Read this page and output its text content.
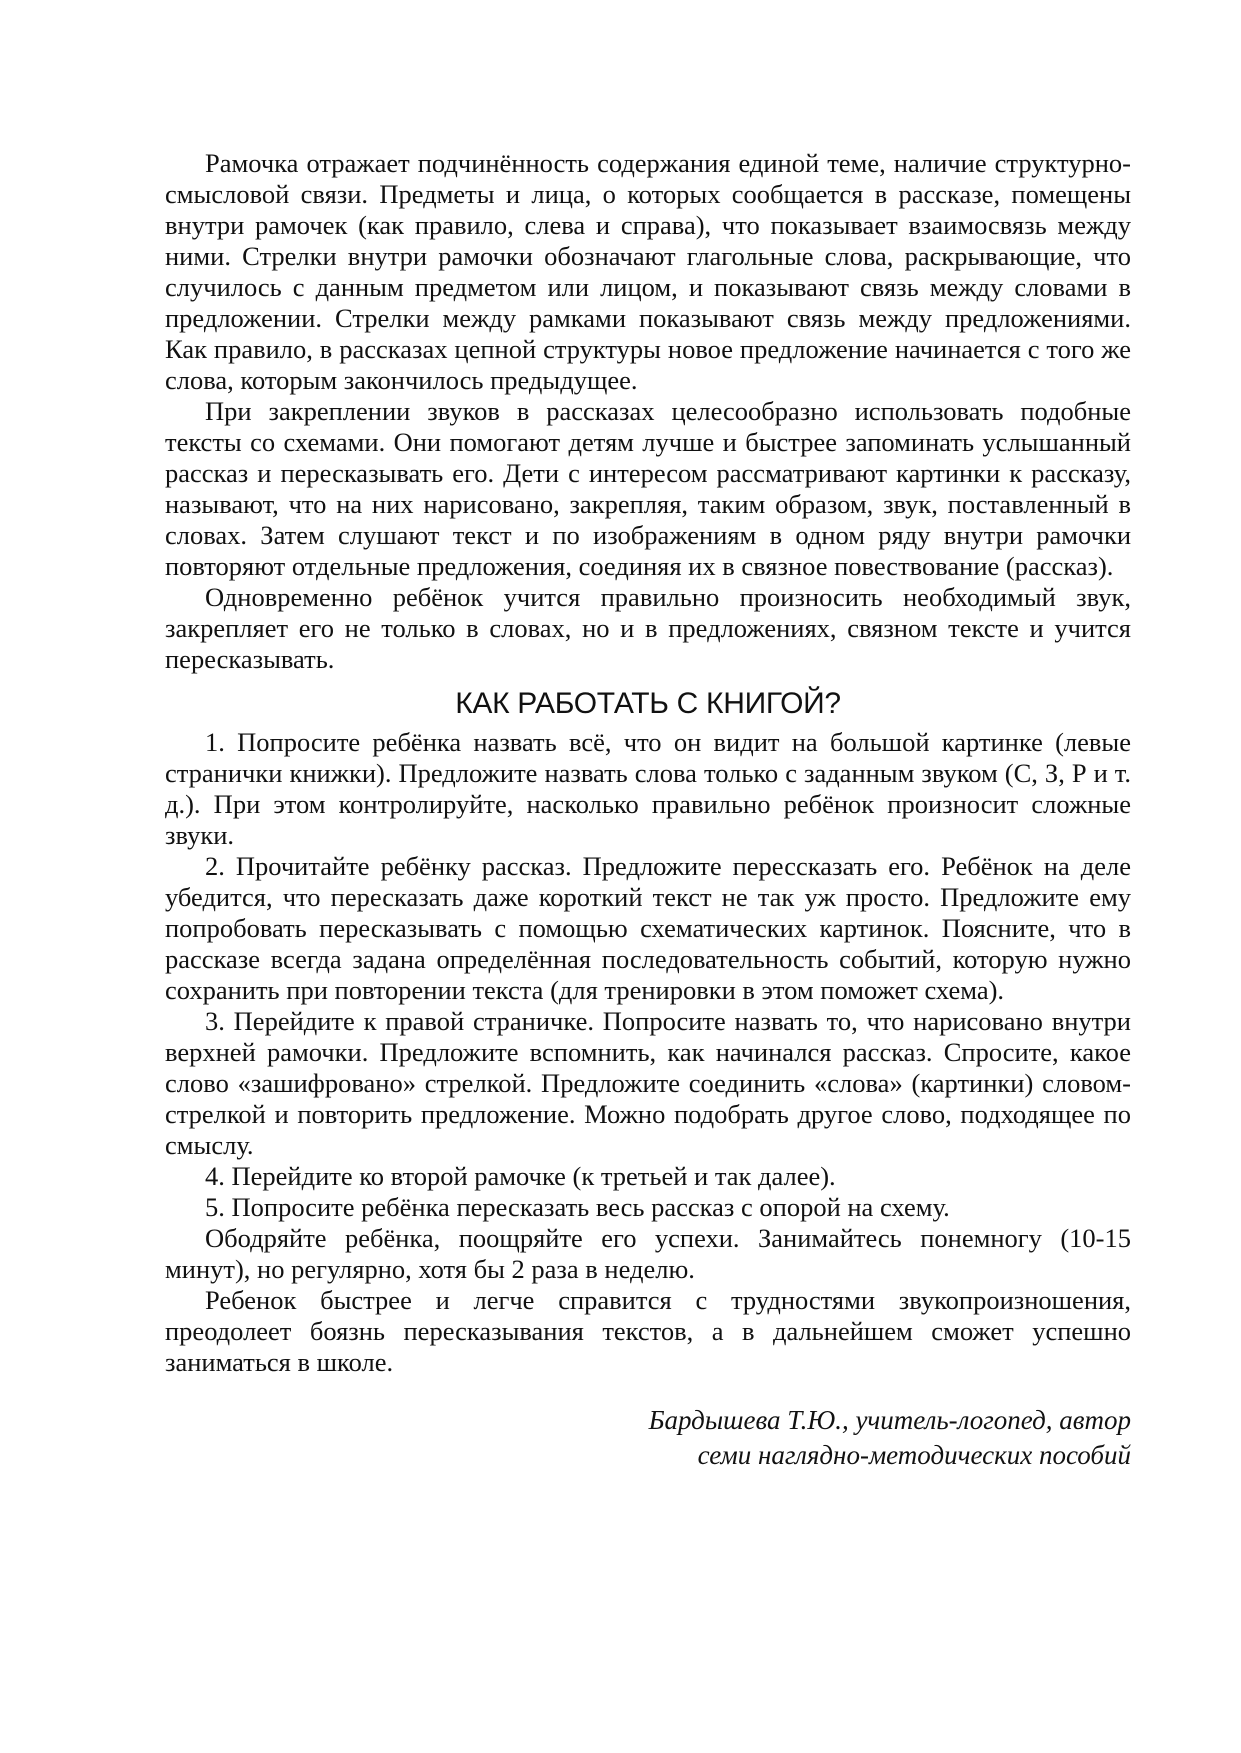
Рамочка отражает подчинённость содержания единой теме, наличие структурно-смысловой связи. Предметы и лица, о которых сообщается в рассказе, помещены внутри рамочек (как правило, слева и справа), что показывает взаимосвязь между ними. Стрелки внутри рамочки обозначают глагольные слова, раскрывающие, что случилось с данным предметом или лицом, и показывают связь между словами в предложении. Стрелки между рамками показывают связь между предложениями. Как правило, в рассказах цепной структуры новое предложение начинается с того же слова, которым закончилось предыдущее.

При закреплении звуков в рассказах целесообразно использовать подобные тексты со схемами. Они помогают детям лучше и быстрее запоминать услышанный рассказ и пересказывать его. Дети с интересом рассматривают картинки к рассказу, называют, что на них нарисовано, закрепляя, таким образом, звук, поставленный в словах. Затем слушают текст и по изображениям в одном ряду внутри рамочки повторяют отдельные предложения, соединяя их в связное повествование (рассказ).

Одновременно ребёнок учится правильно произносить необходимый звук, закрепляет его не только в словах, но и в предложениях, связном тексте и учится пересказывать.

КАК РАБОТАТЬ С КНИГОЙ?

1. Попросите ребёнка назвать всё, что он видит на большой картинке (левые странички книжки). Предложите назвать слова только с заданным звуком (С, З, Р и т. д.). При этом контролируйте, насколько правильно ребёнок произносит сложные звуки.

2. Прочитайте ребёнку рассказ. Предложите перессказать его. Ребёнок на деле убедится, что пересказать даже короткий текст не так уж просто. Предложите ему попробовать пересказывать с помощью схематических картинок. Поясните, что в рассказе всегда задана определённая последовательность событий, которую нужно сохранить при повторении текста (для тренировки в этом поможет схема).

3. Перейдите к правой страничке. Попросите назвать то, что нарисовано внутри верхней рамочки. Предложите вспомнить, как начинался рассказ. Спросите, какое слово «зашифровано» стрелкой. Предложите соединить «слова» (картинки) словом-стрелкой и повторить предложение. Можно подобрать другое слово, подходящее по смыслу.

4. Перейдите ко второй рамочке (к третьей и так далее).

5. Попросите ребёнка пересказать весь рассказ с опорой на схему.

Ободряйте ребёнка, поощряйте его успехи. Занимайтесь понемногу (10-15 минут), но регулярно, хотя бы 2 раза в неделю.

Ребенок быстрее и легче справится с трудностями звукопроизношения, преодолеет боязнь пересказывания текстов, а в дальнейшем сможет успешно заниматься в школе.

Бардышева Т.Ю., учитель-логопед, автор
семи наглядно-методических пособий
